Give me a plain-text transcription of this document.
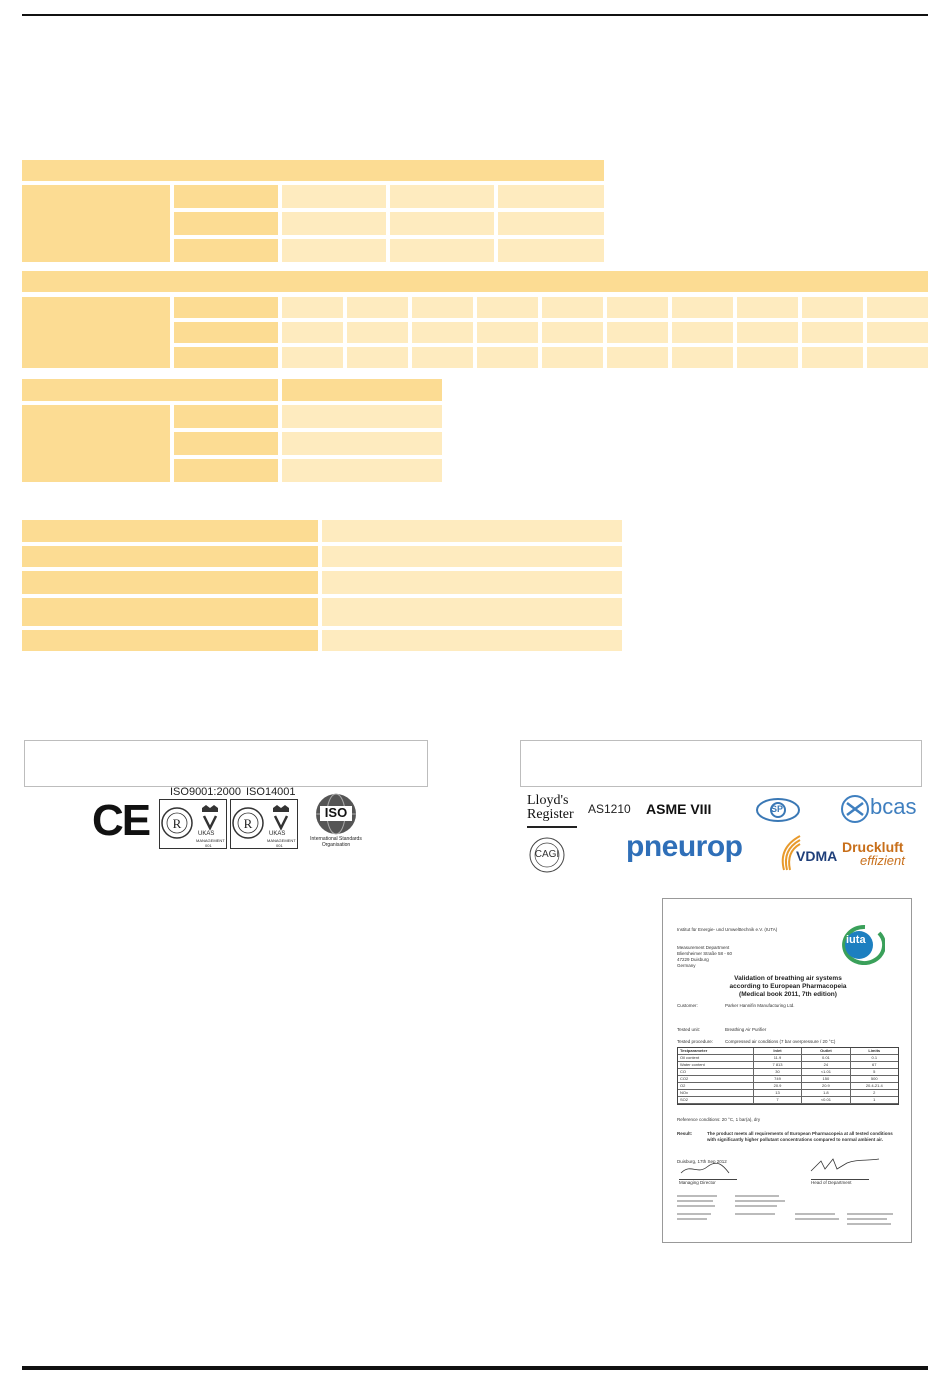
CE
ISO9001:2000 ISO14001
R
UKAS
MANAGEMENT
001
R
UKAS
MANAGEMENT
001
ISO
International Standards Organisation
Lloyd's
Register AS1210 ASME VIII	SP	bcas
CAGI pneurop	VDMA
Druckluft
effizient
Institut für Energie- und Umwelttechnik e.V. (IUTA)
Measurement Department
Bliersheimer Straße 58 - 60
47229 Duisburg
Germany
iuta
Validation of breathing air systems
according to European Pharmacopeia
(Medical book 2011, 7th edition)
Customer:	Parker Hannifin Manufacturing Ltd.
Tested unit:	Breathing Air Purifier
Tested procedure:	Compressed air conditions (7 bar overpressure / 20 °C)
Testparameter	Inlet	Outlet	Limits
Oil content	11.9	0.01	0.1
Water content	7 813	24	67
CO	30	<1.01	5
CO2	749	150	500
O2	20.9	20.9	20.4-21.4
NOx	13	1.8	2
SO2	7	<0.01	1
Reference conditions: 20 °C, 1 bar(a), dry
Result:	The product meets all requirements of European Pharmacopeia at all tested conditions with significantly higher pollutant concentrations compared to normal ambient air.
Duisburg, 17th Sep 2012
Managing Director	Head of Department
